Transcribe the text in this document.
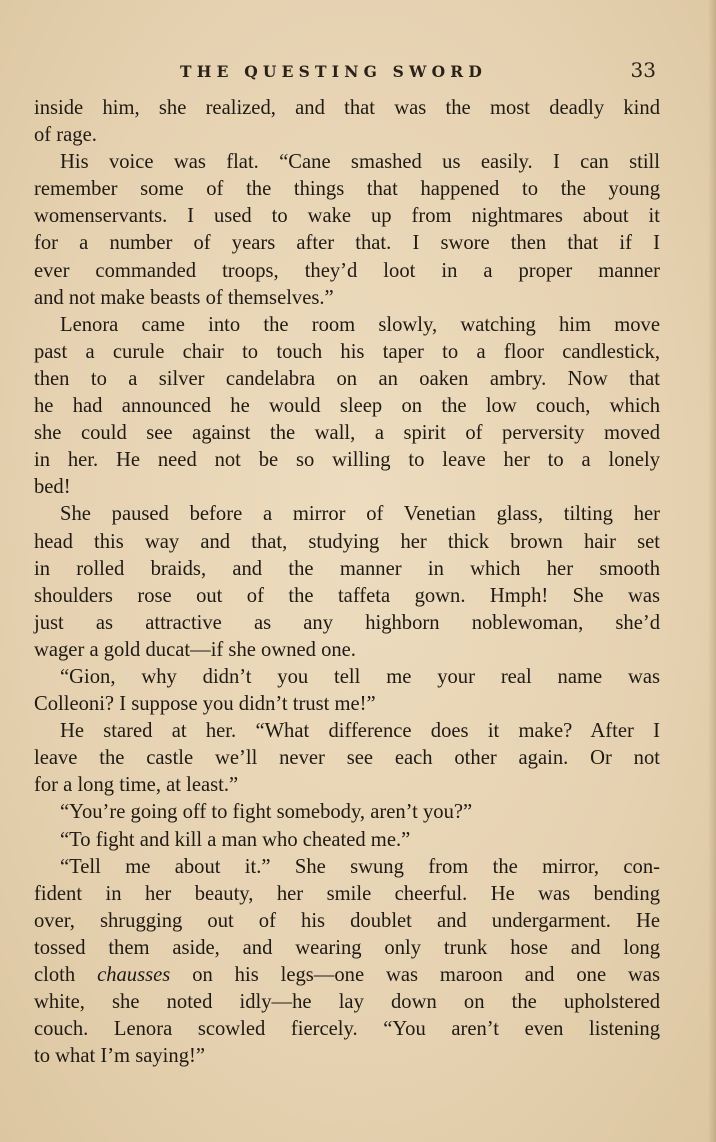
THE QUESTING SWORD	33

inside him, she realized, and that was the most deadly kind

of rage.

His voice was flat. “Cane smashed us easily. I can still

remember some of the things that happened to the young

womenservants. I used to wake up from nightmares about it

for a number of years after that. I swore then that if I

ever commanded troops, they’d loot in a proper manner

and not make beasts of themselves.”

Lenora came into the room slowly, watching him move

past a curule chair to touch his taper to a floor candlestick,

then to a silver candelabra on an oaken ambry. Now that

he had announced he would sleep on the low couch, which

she could see against the wall, a spirit of perversity moved

in her. He need not be so willing to leave her to a lonely

bed!

She paused before a mirror of Venetian glass, tilting her

head this way and that, studying her thick brown hair set

in rolled braids, and the manner in which her smooth

shoulders rose out of the taffeta gown. Hmph! She was

just as attractive as any highborn noblewoman, she’d

wager a gold ducat—if she owned one.

“Gion, why didn’t you tell me your real name was

Colleoni? I suppose you didn’t trust me!”

He stared at her. “What difference does it make? After I

leave the castle we’ll never see each other again. Or not

for a long time, at least.”

“You’re going off to fight somebody, aren’t you?”

“To fight and kill a man who cheated me.”

“Tell me about it.” She swung from the mirror, con-

fident in her beauty, her smile cheerful. He was bending

over, shrugging out of his doublet and undergarment. He

tossed them aside, and wearing only trunk hose and long

cloth chausses on his legs—one was maroon and one was

white, she noted idly—he lay down on the upholstered

couch. Lenora scowled fiercely. “You aren’t even listening

to what I’m saying!”
